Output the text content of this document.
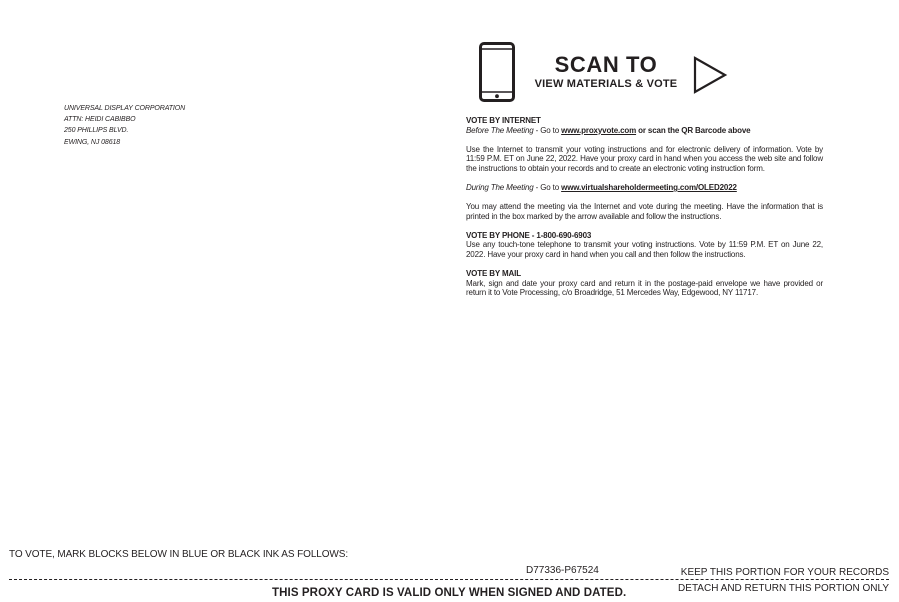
UNIVERSAL DISPLAY CORPORATION
ATTN: HEIDI CABIBBO
250 PHILLIPS BLVD.
EWING, NJ 08618
SCAN TO
VIEW MATERIALS & VOTE

VOTE BY INTERNET

Before The Meeting - Go to www.proxyvote.com or scan the QR Barcode above

Use the Internet to transmit your voting instructions and for electronic delivery of information. Vote by 11:59 P.M. ET on June 22, 2022. Have your proxy card in hand when you access the web site and follow the instructions to obtain your records and to create an electronic voting instruction form.

During The Meeting - Go to www.virtualshareholdermeeting.com/OLED2022

You may attend the meeting via the Internet and vote during the meeting. Have the information that is printed in the box marked by the arrow available and follow the instructions.

VOTE BY PHONE - 1-800-690-6903

Use any touch-tone telephone to transmit your voting instructions. Vote by 11:59 P.M. ET on June 22, 2022. Have your proxy card in hand when you call and then follow the instructions.

VOTE BY MAIL

Mark, sign and date your proxy card and return it in the postage-paid envelope we have provided or return it to Vote Processing, c/o Broadridge, 51 Mercedes Way, Edgewood, NY 11717.

TO VOTE, MARK BLOCKS BELOW IN BLUE OR BLACK INK AS FOLLOWS:
D77336-P67524	KEEP THIS PORTION FOR YOUR RECORDS
DETACH AND RETURN THIS PORTION ONLY
THIS PROXY CARD IS VALID ONLY WHEN SIGNED AND DATED.
